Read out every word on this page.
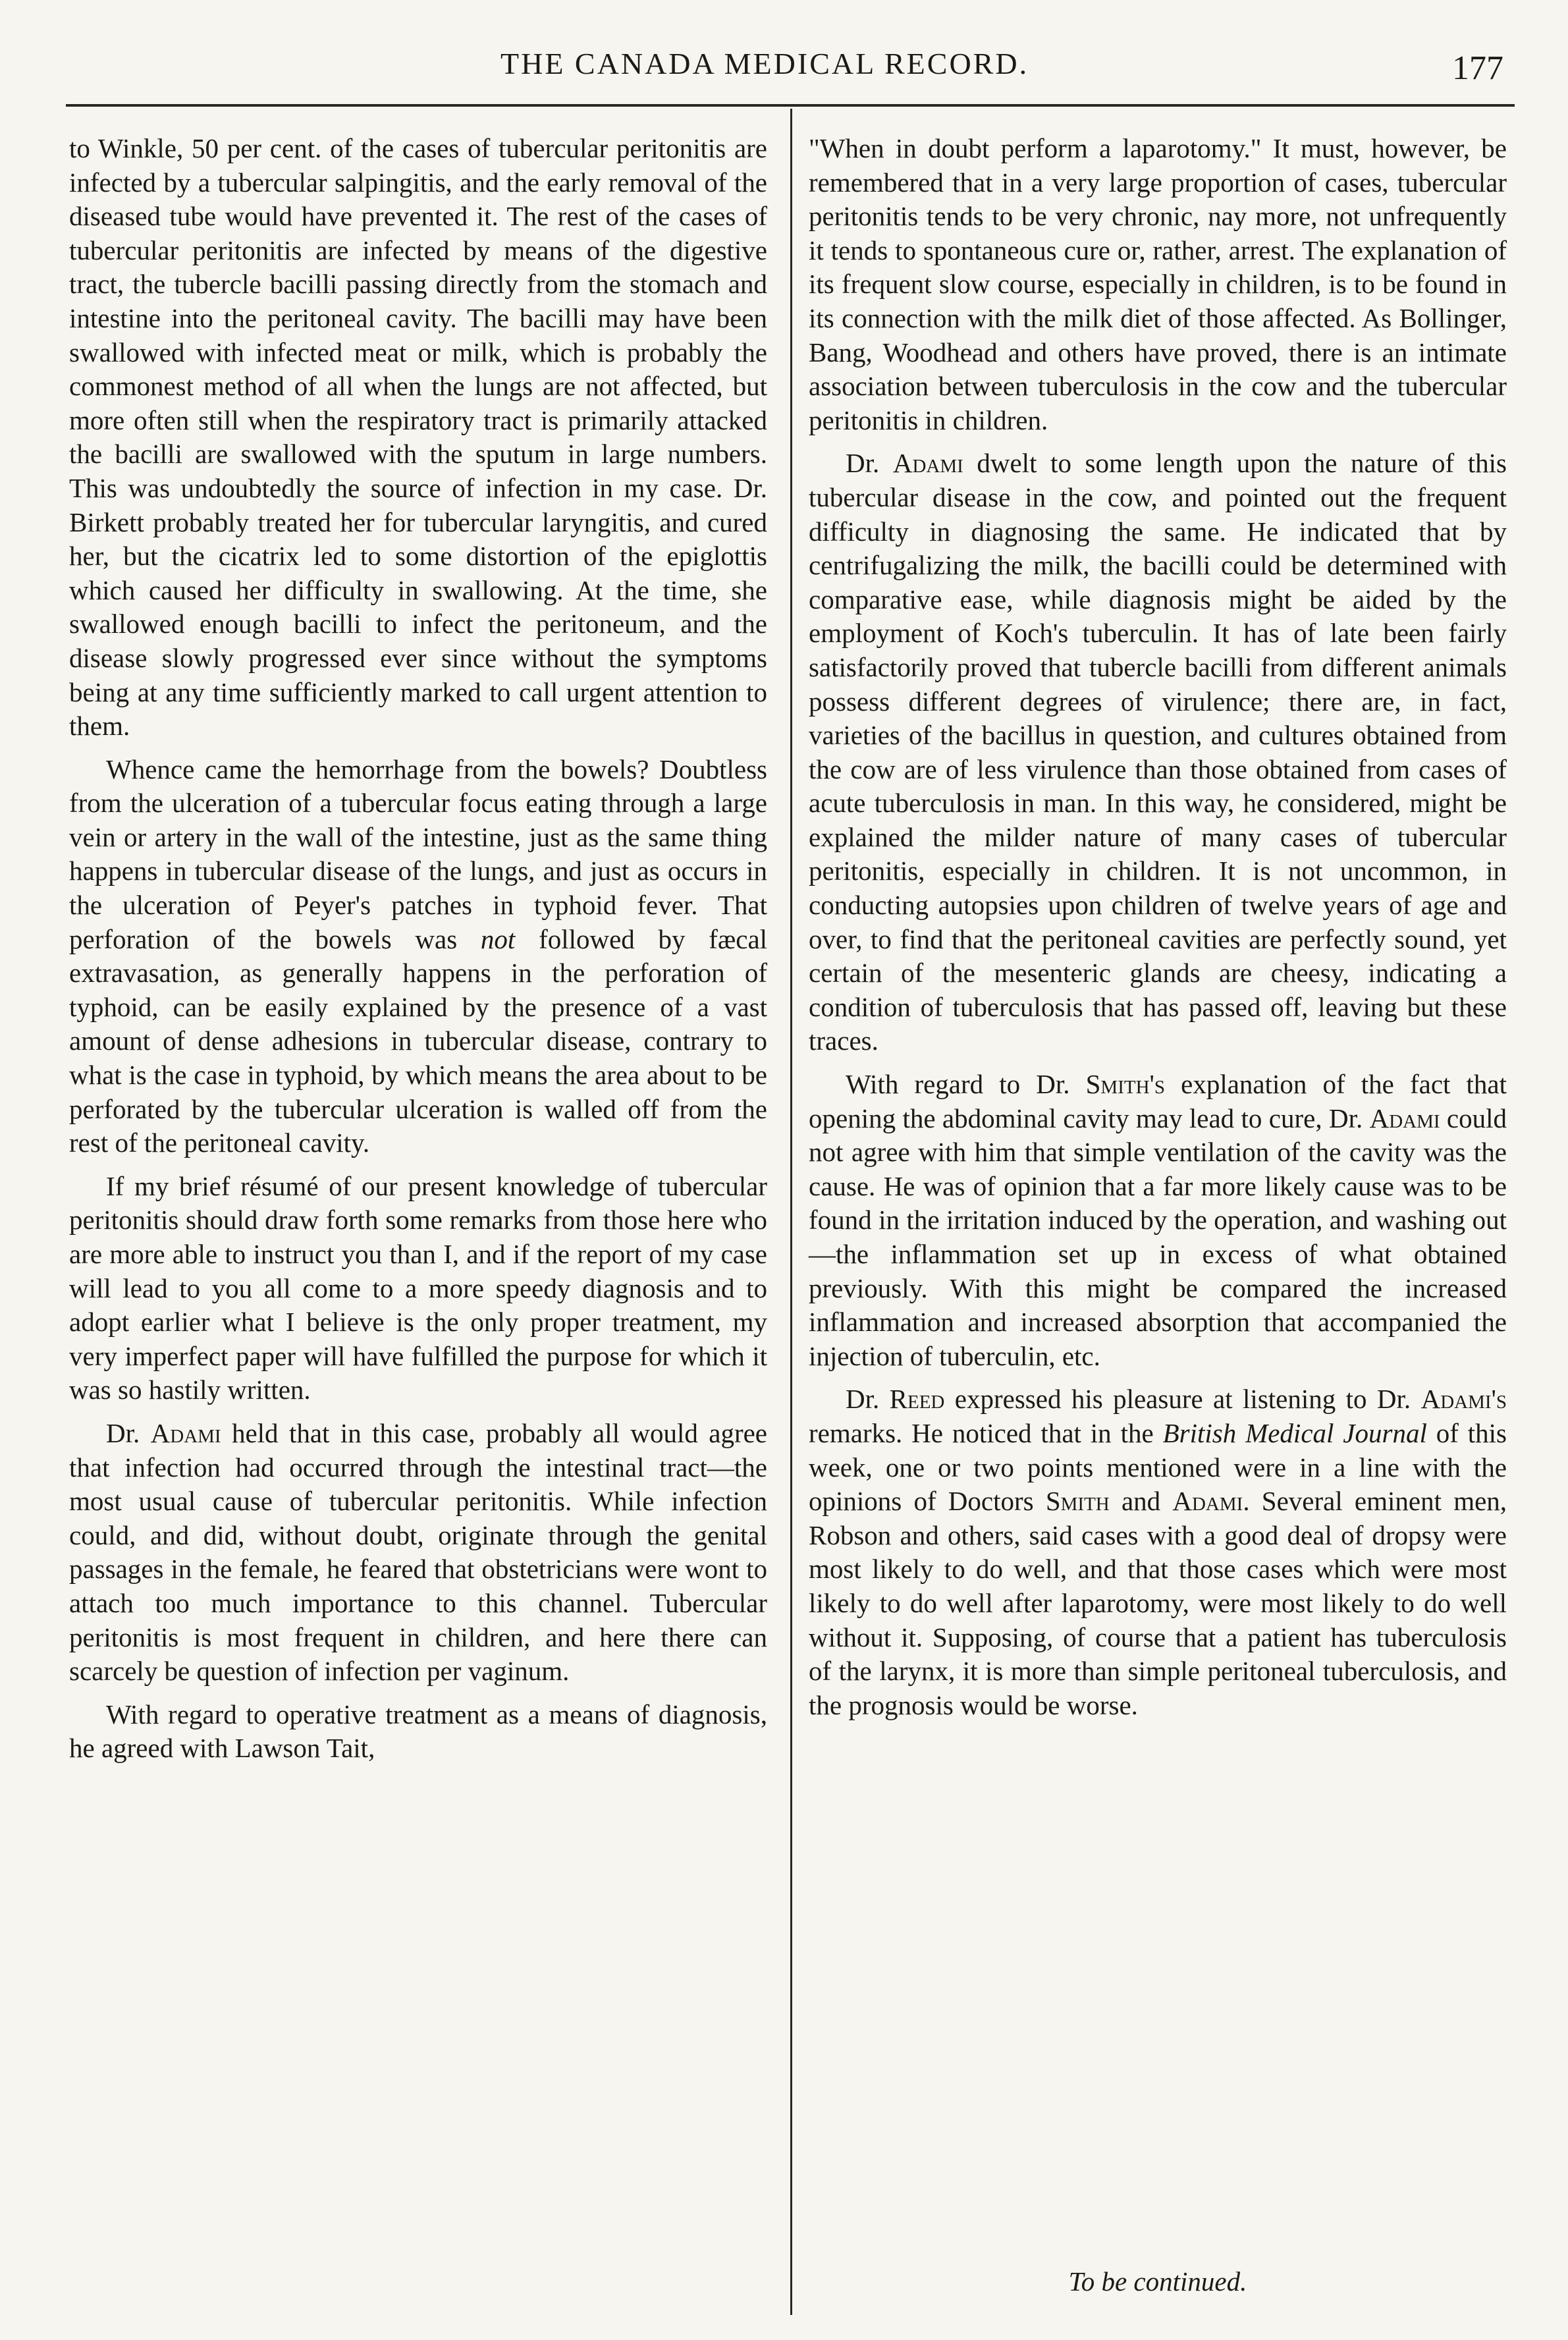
THE CANADA MEDICAL RECORD.	177

to Winkle, 50 per cent. of the cases of tubercular peritonitis are infected by a tubercular salpingitis, and the early removal of the diseased tube would have prevented it. The rest of the cases of tubercular peritonitis are infected by means of the digestive tract, the tubercle bacilli passing directly from the stomach and intestine into the peritoneal cavity. The bacilli may have been swallowed with infected meat or milk, which is probably the commonest method of all when the lungs are not affected, but more often still when the respiratory tract is primarily attacked the bacilli are swallowed with the sputum in large numbers. This was undoubtedly the source of infection in my case. Dr. Birkett probably treated her for tubercular laryngitis, and cured her, but the cicatrix led to some distortion of the epiglottis which caused her difficulty in swallowing. At the time, she swallowed enough bacilli to infect the peritoneum, and the disease slowly progressed ever since without the symptoms being at any time sufficiently marked to call urgent attention to them.

Whence came the hemorrhage from the bowels? Doubtless from the ulceration of a tubercular focus eating through a large vein or artery in the wall of the intestine, just as the same thing happens in tubercular disease of the lungs, and just as occurs in the ulceration of Peyer's patches in typhoid fever. That perforation of the bowels was not followed by fæcal extravasation, as generally happens in the perforation of typhoid, can be easily explained by the presence of a vast amount of dense adhesions in tubercular disease, contrary to what is the case in typhoid, by which means the area about to be perforated by the tubercular ulceration is walled off from the rest of the peritoneal cavity.

If my brief résumé of our present knowledge of tubercular peritonitis should draw forth some remarks from those here who are more able to instruct you than I, and if the report of my case will lead to you all come to a more speedy diagnosis and to adopt earlier what I believe is the only proper treatment, my very imperfect paper will have fulfilled the purpose for which it was so hastily written.

Dr. Adami held that in this case, probably all would agree that infection had occurred through the intestinal tract—the most usual cause of tubercular peritonitis. While infection could, and did, without doubt, originate through the genital passages in the female, he feared that obstetricians were wont to attach too much importance to this channel. Tubercular peritonitis is most frequent in children, and here there can scarcely be question of infection per vaginum.

With regard to operative treatment as a means of diagnosis, he agreed with Lawson Tait,

"When in doubt perform a laparotomy." It must, however, be remembered that in a very large proportion of cases, tubercular peritonitis tends to be very chronic, nay more, not unfrequently it tends to spontaneous cure or, rather, arrest. The explanation of its frequent slow course, especially in children, is to be found in its connection with the milk diet of those affected. As Bollinger, Bang, Woodhead and others have proved, there is an intimate association between tuberculosis in the cow and the tubercular peritonitis in children.

Dr. Adami dwelt to some length upon the nature of this tubercular disease in the cow, and pointed out the frequent difficulty in diagnosing the same. He indicated that by centrifugalizing the milk, the bacilli could be determined with comparative ease, while diagnosis might be aided by the employment of Koch's tuberculin. It has of late been fairly satisfactorily proved that tubercle bacilli from different animals possess different degrees of virulence; there are, in fact, varieties of the bacillus in question, and cultures obtained from the cow are of less virulence than those obtained from cases of acute tuberculosis in man. In this way, he considered, might be explained the milder nature of many cases of tubercular peritonitis, especially in children. It is not uncommon, in conducting autopsies upon children of twelve years of age and over, to find that the peritoneal cavities are perfectly sound, yet certain of the mesenteric glands are cheesy, indicating a condition of tuberculosis that has passed off, leaving but these traces.

With regard to Dr. Smith's explanation of the fact that opening the abdominal cavity may lead to cure, Dr. Adami could not agree with him that simple ventilation of the cavity was the cause. He was of opinion that a far more likely cause was to be found in the irritation induced by the operation, and washing out—the inflammation set up in excess of what obtained previously. With this might be compared the increased inflammation and increased absorption that accompanied the injection of tuberculin, etc.

Dr. Reed expressed his pleasure at listening to Dr. Adami's remarks. He noticed that in the British Medical Journal of this week, one or two points mentioned were in a line with the opinions of Doctors Smith and Adami. Several eminent men, Robson and others, said cases with a good deal of dropsy were most likely to do well, and that those cases which were most likely to do well after laparotomy, were most likely to do well without it. Supposing, of course that a patient has tuberculosis of the larynx, it is more than simple peritoneal tuberculosis, and the prognosis would be worse.

To be continued.
